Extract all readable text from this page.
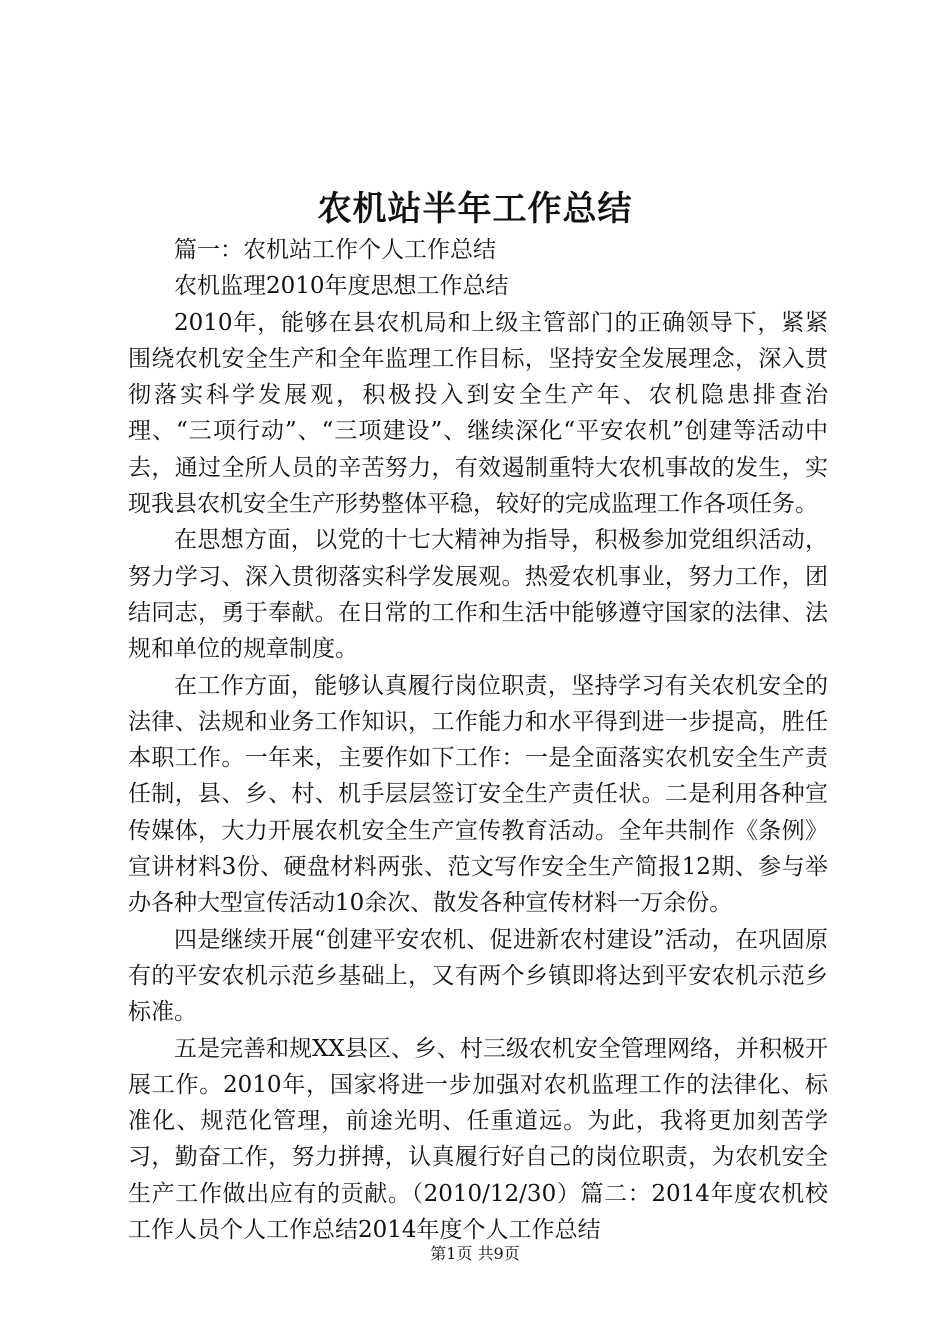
农机站半年工作总结

篇一：农机站工作个人工作总结

农机监理2010年度思想工作总结

2010年，能够在县农机局和上级主管部门的正确领导下，紧紧围绕农机安全生产和全年监理工作目标，坚持安全发展理念，深入贯彻落实科学发展观，积极投入到安全生产年、农机隐患排查治理、“三项行动”、“三项建设”、继续深化“平安农机”创建等活动中去，通过全所人员的辛苦努力，有效遏制重特大农机事故的发生，实现我县农机安全生产形势整体平稳，较好的完成监理工作各项任务。

在思想方面，以党的十七大精神为指导，积极参加党组织活动，努力学习、深入贯彻落实科学发展观。热爱农机事业，努力工作，团结同志，勇于奉献。在日常的工作和生活中能够遵守国家的法律、法规和单位的规章制度。

在工作方面，能够认真履行岗位职责，坚持学习有关农机安全的法律、法规和业务工作知识，工作能力和水平得到进一步提高，胜任本职工作。一年来，主要作如下工作：一是全面落实农机安全生产责任制，县、乡、村、机手层层签订安全生产责任状。二是利用各种宣传媒体，大力开展农机安全生产宣传教育活动。全年共制作《条例》宣讲材料3份、硬盘材料两张、范文写作安全生产简报12期、参与举办各种大型宣传活动10余次、散发各种宣传材料一万余份。

四是继续开展“创建平安农机、促进新农村建设”活动，在巩固原有的平安农机示范乡基础上，又有两个乡镇即将达到平安农机示范乡标准。

五是完善和规XX县区、乡、村三级农机安全管理网络，并积极开展工作。2010年，国家将进一步加强对农机监理工作的法律化、标准化、规范化管理，前途光明、任重道远。为此，我将更加刻苦学习，勤奋工作，努力拼搏，认真履行好自己的岗位职责，为农机安全生产工作做出应有的贡献。（2010/12/30）篇二：2014年度农机校工作人员个人工作总结2014年度个人工作总结

第1页 共9页
